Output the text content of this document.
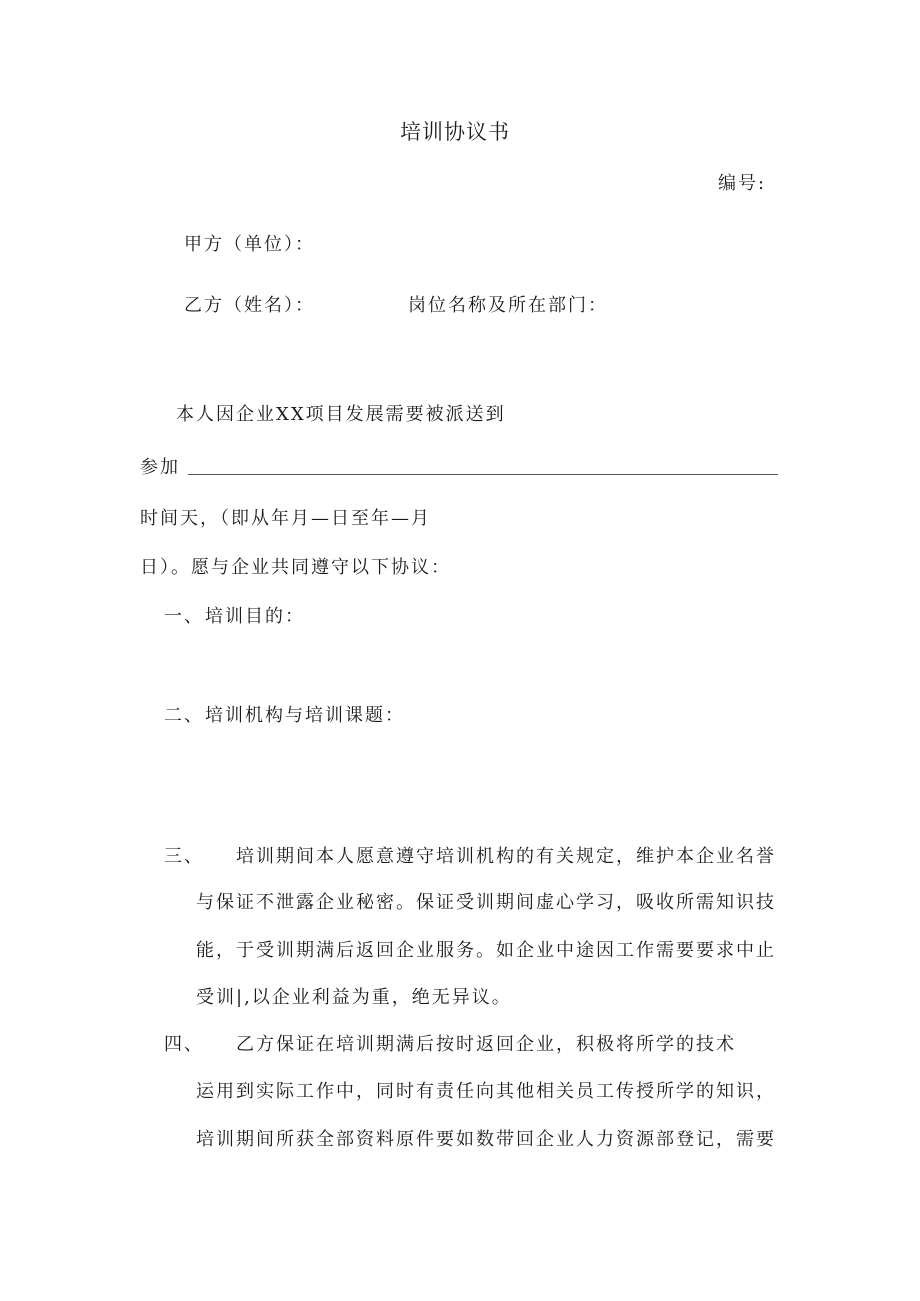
培训协议书
编号:
甲方（单位）：
乙方（姓名）：	岗位名称及所在部门：
本人因企业XX项目发展需要被派送到
参加
时间天，（即从年月—日至年—月
日）。愿与企业共同遵守以下协议：
一、 培训目的：
二、 培训机构与培训课题：
三、 培训期间本人愿意遵守培训机构的有关规定，维护本企业名誉
与保证不泄露企业秘密。保证受训期间虚心学习，吸收所需知识技
能，于受训期满后返回企业服务。如企业中途因工作需要要求中止
受训|,以企业利益为重，绝无异议。
四、 乙方保证在培训期满后按时返回企业，积极将所学的技术
运用到实际工作中，同时有责任向其他相关员工传授所学的知识，
培训期间所获全部资料原件要如数带回企业人力资源部登记，需要
